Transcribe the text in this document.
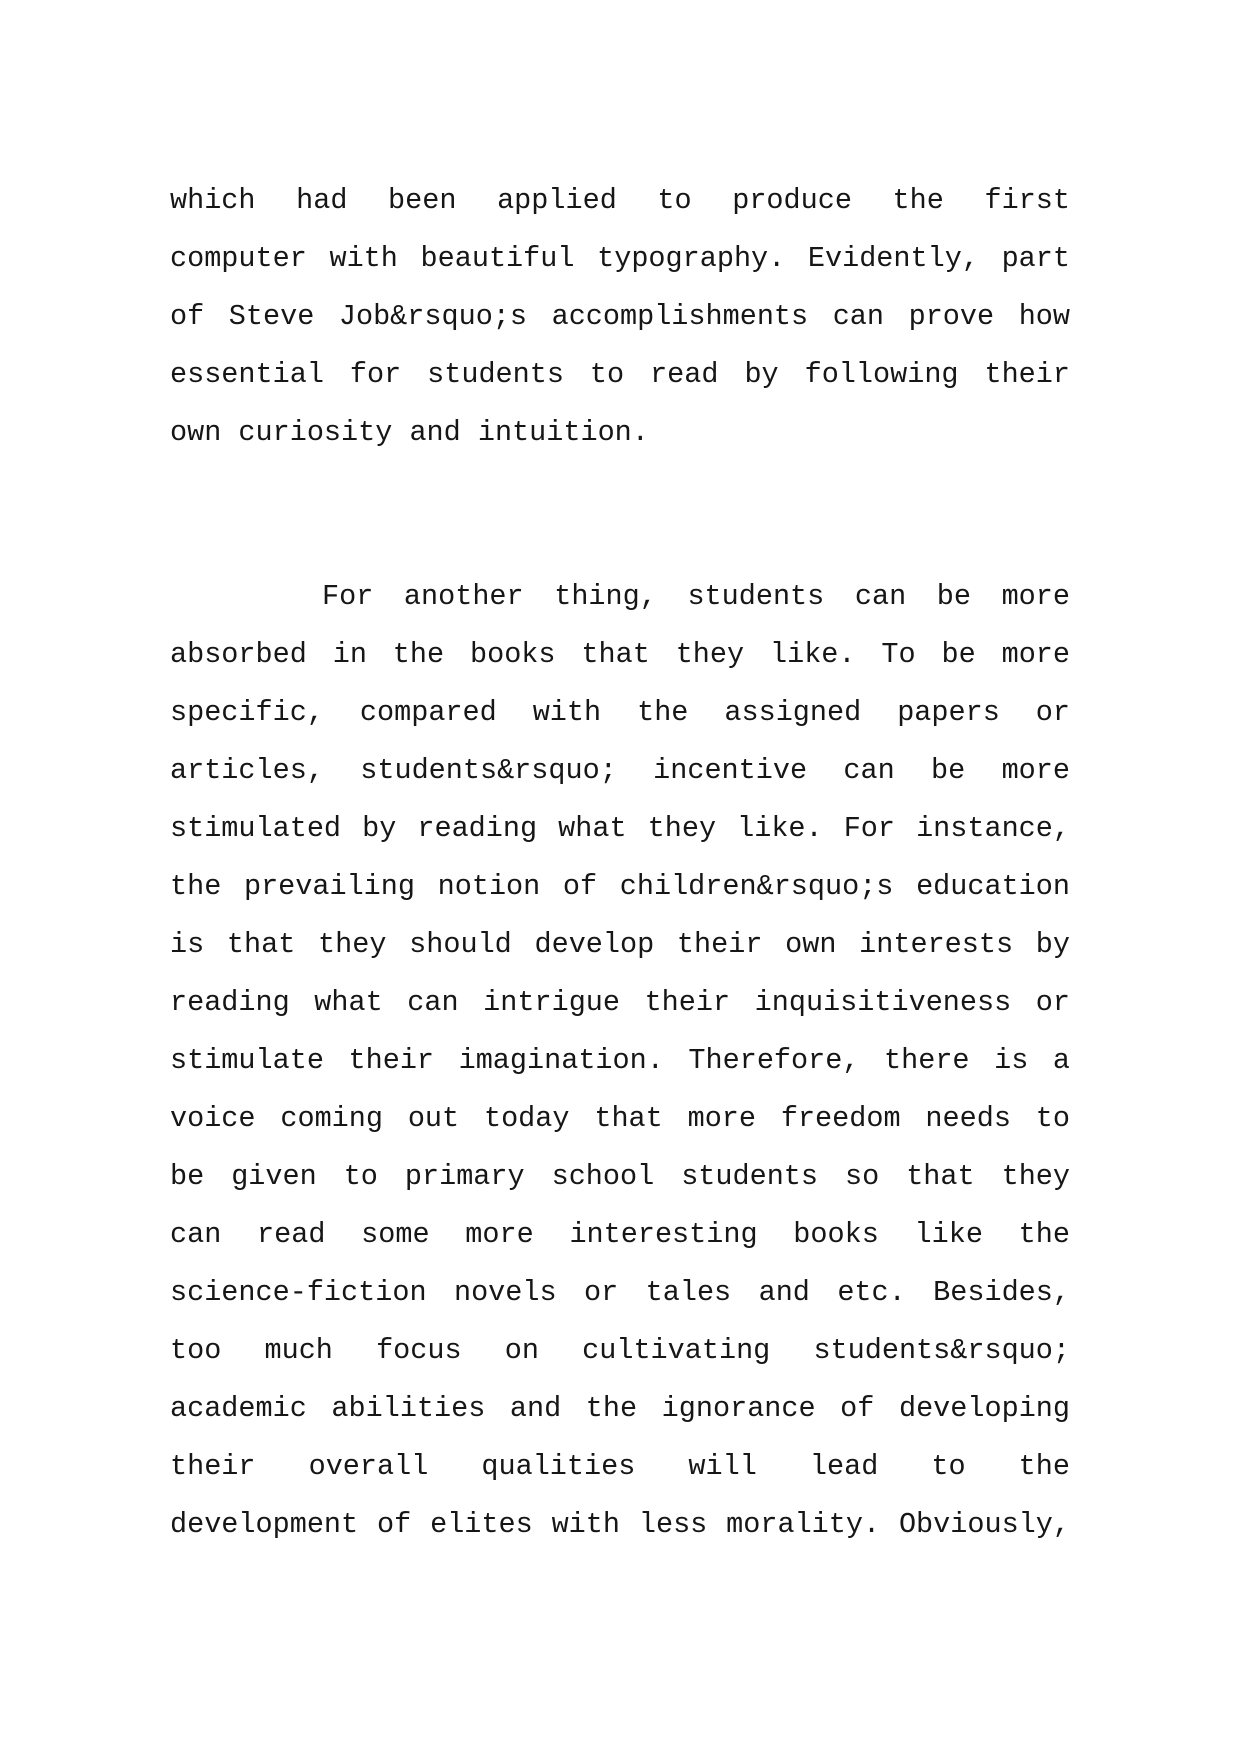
which had been applied to produce the first
computer with beautiful typography. Evidently, part
of Steve Job&rsquo;s accomplishments can prove how
essential for students to read by following their
own curiosity and intuition.
For another thing, students can be more
absorbed in the books that they like. To be more
specific, compared with the assigned papers or
articles, students&rsquo; incentive can be more
stimulated by reading what they like. For instance,
the prevailing notion of children&rsquo;s education
is that they should develop their own interests by
reading what can intrigue their inquisitiveness or
stimulate their imagination. Therefore, there is a
voice coming out today that more freedom needs to
be given to primary school students so that they
can read some more interesting books like the
science-fiction novels or tales and etc. Besides,
too much focus on cultivating students&rsquo;
academic abilities and the ignorance of developing
their overall qualities will lead to the
development of elites with less morality. Obviously,
